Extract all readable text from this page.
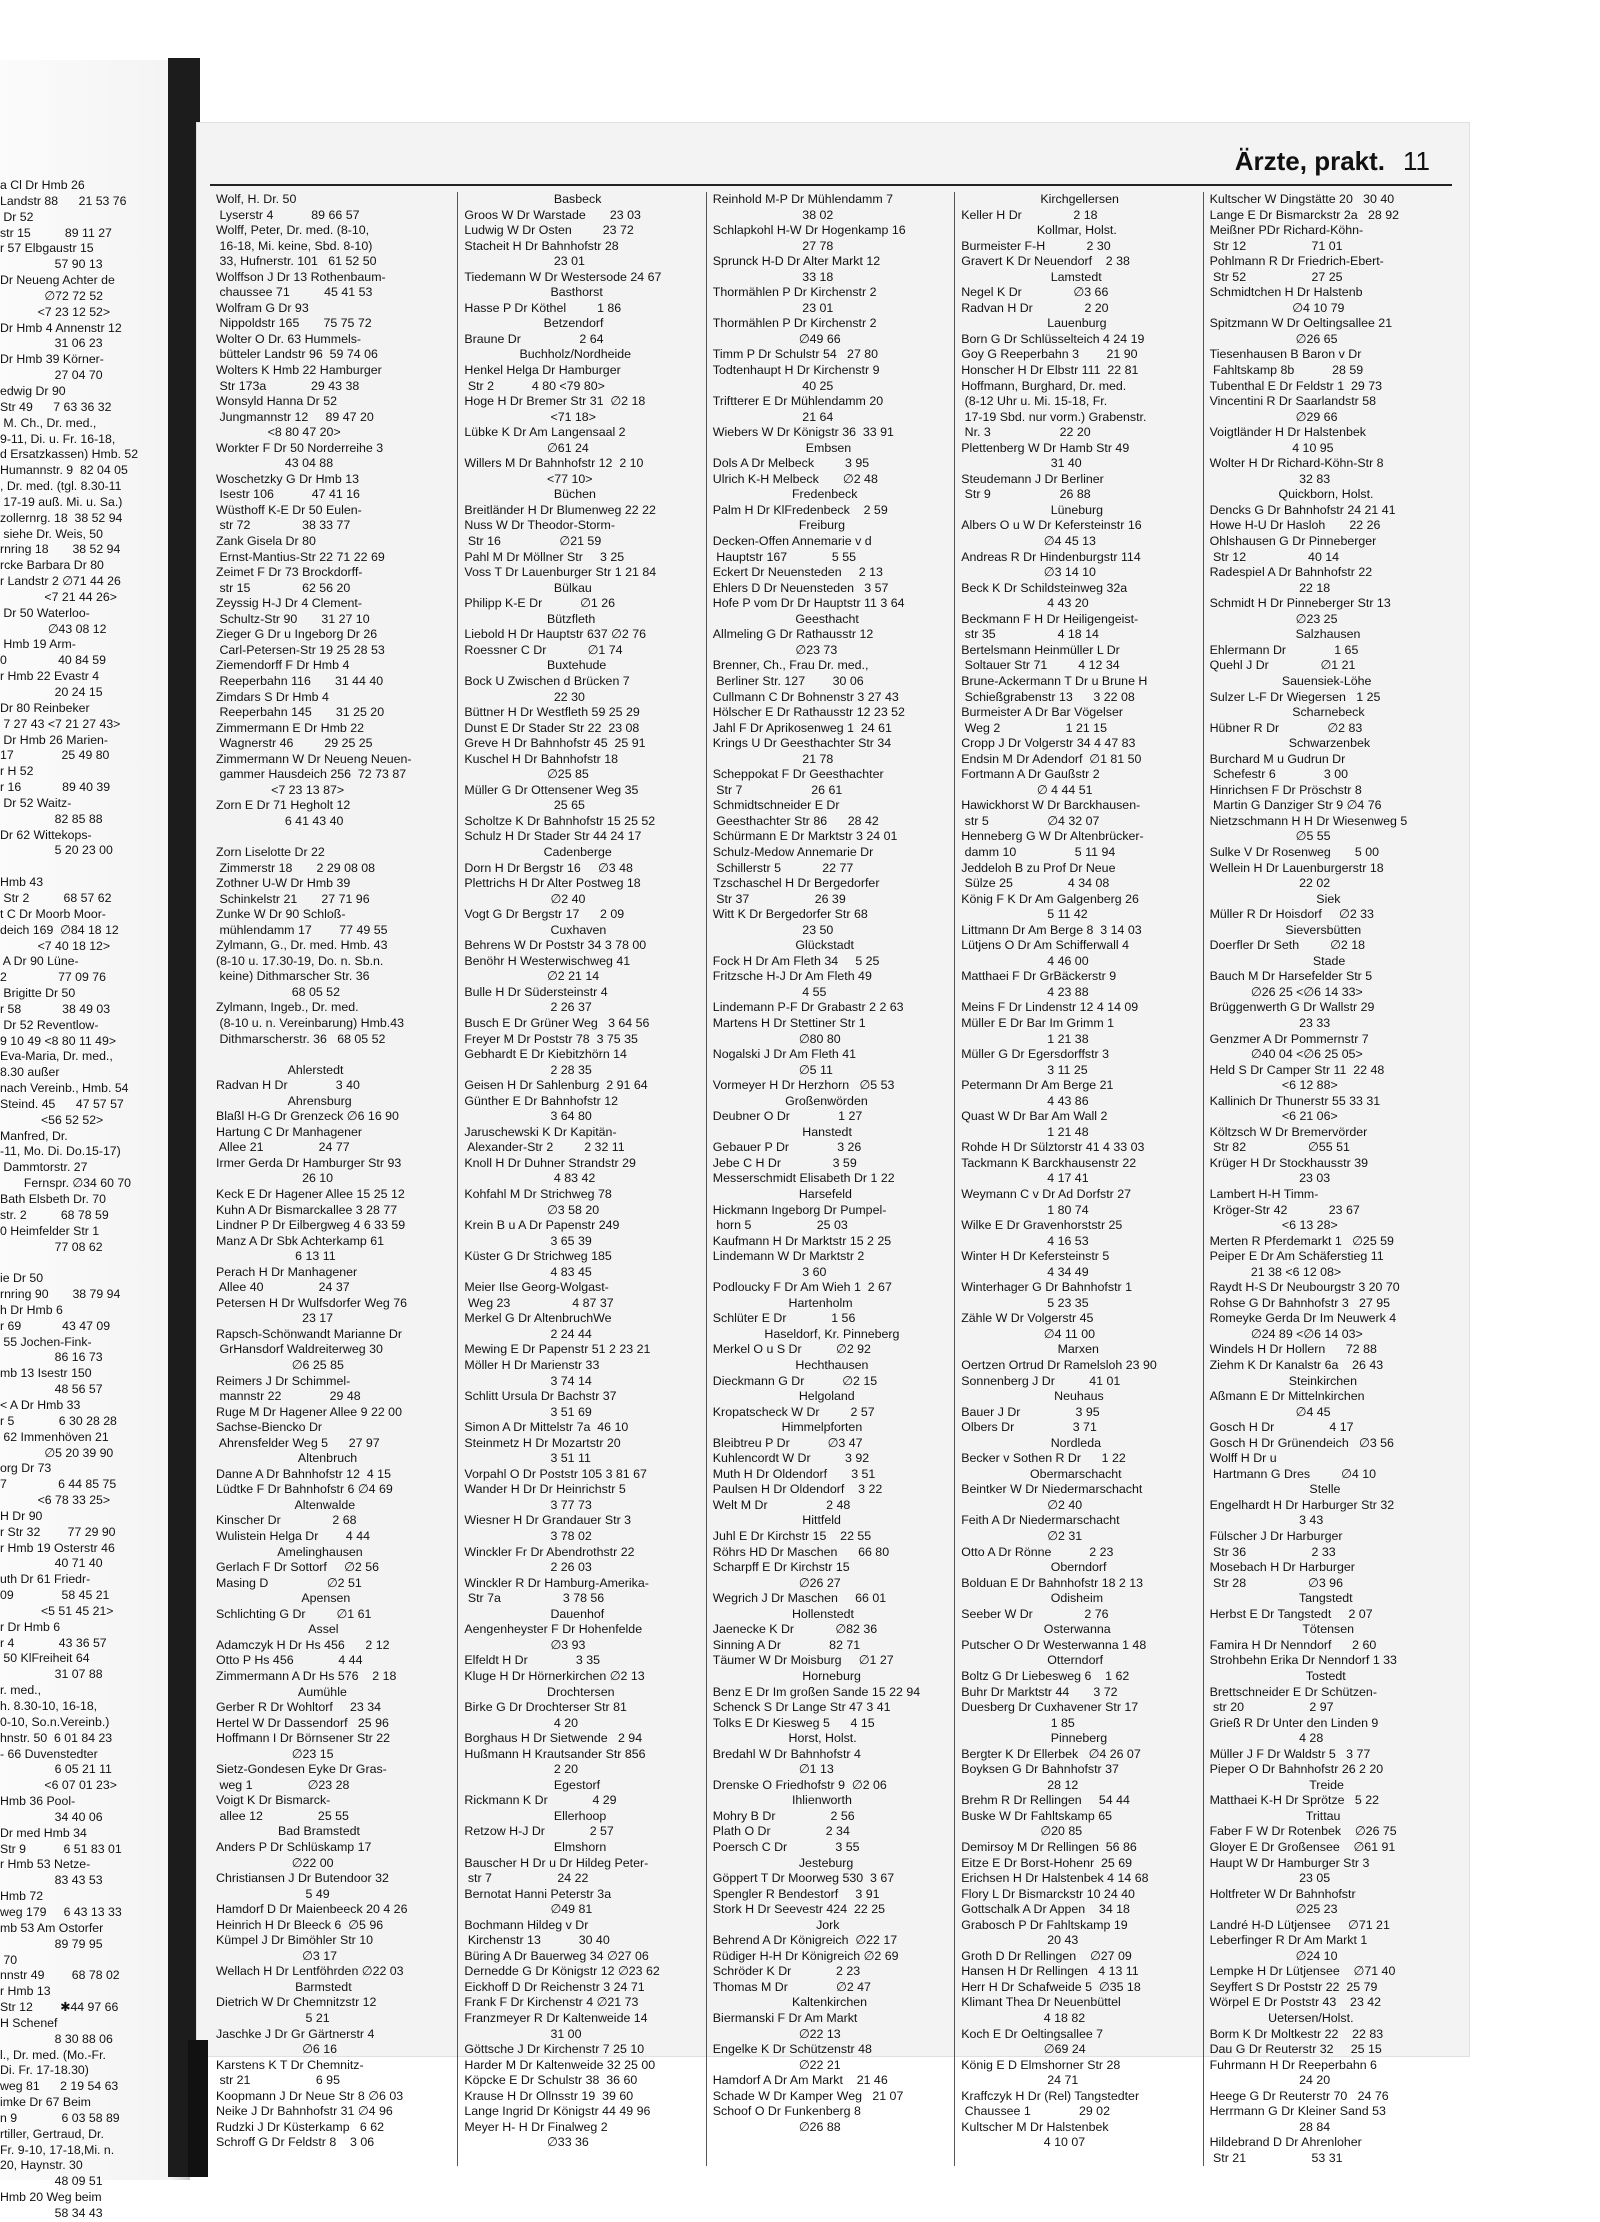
a Cl Dr Hmb 26
Landstr 88      21 53 76
Dr 52
str 15          89 11 27
r 57 Elbgaustr 15
57 90 13
Dr Neueng Achter de
∅72 72 52
<7 23 12 52>
Dr Hmb 4 Annenstr 12
31 06 23
Dr Hmb 39 Körner-
27 04 70
edwig Dr 90
Str 49      7 63 36 32
M. Ch., Dr. med.,
9-11, Di. u. Fr. 16-18,
d Ersatzkassen) Hmb. 52
Humannstr. 9  82 04 05
, Dr. med. (tgl. 8.30-11
17-19 auß. Mi. u. Sa.)
zollernrg. 18  38 52 94
siehe Dr. Weis, 50
rnring 18       38 52 94
rcke Barbara Dr 80
r Landstr 2 ∅71 44 26
<7 21 44 26>
Dr 50 Waterloo-
∅43 08 12
Hmb 19 Arm-
0               40 84 59
r Hmb 22 Evastr 4
20 24 15
Dr 80 Reinbeker
7 27 43 <7 21 27 43>
Dr Hmb 26 Marien-
17              25 49 80
r H 52
r 16            89 40 39
Dr 52 Waitz-
82 85 88
Dr 62 Wittekops-
5 20 23 00

Hmb 43
Str 2          68 57 62
t C Dr Moorb Moor-
deich 169  ∅84 18 12
<7 40 18 12>
A Dr 90 Lüne-
2               77 09 76
Brigitte Dr 50
r 58            38 49 03
Dr 52 Reventlow-
9 10 49 <8 80 11 49>
Eva-Maria, Dr. med.,
8.30 außer
nach Vereinb., Hmb. 54
Steind. 45      47 57 57
<56 52 52>
Manfred, Dr.
-11, Mo. Di. Do.15-17)
Dammtorstr. 27
Fernspr. ∅34 60 70
Bath Elsbeth Dr. 70
str. 2          68 78 59
0 Heimfelder Str 1
77 08 62

ie Dr 50
rnring 90       38 79 94
h Dr Hmb 6
r 69            43 47 09
55 Jochen-Fink-
86 16 73
mb 13 Isestr 150
48 56 57
< A Dr Hmb 33
r 5             6 30 28 28
62 Immenhöven 21
∅5 20 39 90
org Dr 73
7               6 44 85 75
<6 78 33 25>
H Dr 90
r Str 32        77 29 90
r Hmb 19 Osterstr 46
40 71 40
uth Dr 61 Friedr-
09              58 45 21
<5 51 45 21>
r Dr Hmb 6
r 4             43 36 57
50 KlFreiheit 64
31 07 88
r. med.,
h. 8.30-10, 16-18,
0-10, So.n.Vereinb.)
hnstr. 50  6 01 84 23
- 66 Duvenstedter
6 05 21 11
<6 07 01 23>
Hmb 36 Pool-
34 40 06
Dr med Hmb 34
Str 9           6 51 83 01
r Hmb 53 Netze-
83 43 53
Hmb 72
weg 179     6 43 13 33
mb 53 Am Ostorfer
89 79 95
70
nnstr 49        68 78 02
r Hmb 13
Str 12        ✱44 97 66
H Schenef
8 30 88 06
l., Dr. med. (Mo.-Fr.
Di. Fr. 17-18.30)
weg 81      2 19 54 63
imke Dr 67 Beim
n 9             6 03 58 89
rtiller, Gertraud, Dr.
Fr. 9-10, 17-18,Mi. n.
20, Haynstr. 30
48 09 51
Hmb 20 Weg beim
58 34 43
Ärzte, prakt. 11
Wolf, H. Dr. 50
Lyserstr 4           89 66 57
Wolff, Peter, Dr. med. (8-10,
16-18, Mi. keine, Sbd. 8-10)
33, Hufnerstr. 101   61 52 50
Wolffson J Dr 13 Rothenbaum-
chaussee 71          45 41 53
Wolfram G Dr 93
Nippoldstr 165       75 75 72
Wolter O Dr. 63 Hummels-
bütteler Landstr 96  59 74 06
Wolters K Hmb 22 Hamburger
Str 173a             29 43 38
Wonsyld Hanna Dr 52
Jungmannstr 12     89 47 20
<8 80 47 20>
Workter F Dr 50 Norderreihe 3
43 04 88
Woschetzky G Dr Hmb 13
Isestr 106           47 41 16
Wüsthoff K-E Dr 50 Eulen-
str 72               38 33 77
Zank Gisela Dr 80
Ernst-Mantius-Str 22 71 22 69
Zeimet F Dr 73 Brockdorff-
str 15               62 56 20
Zeyssig H-J Dr 4 Clement-
Schultz-Str 90       31 27 10
Zieger G Dr u Ingeborg Dr 26
Carl-Petersen-Str 19 25 28 53
Ziemendorff F Dr Hmb 4
Reeperbahn 116       31 44 40
Zimdars S Dr Hmb 4
Reeperbahn 145       31 25 20
Zimmermann E Dr Hmb 22
Wagnerstr 46         29 25 25
Zimmermann W Dr Neueng Neuen-
gammer Hausdeich 256  72 73 87
<7 23 13 87>
Zorn E Dr 71 Hegholt 12
6 41 43 40

Zorn Liselotte Dr 22
Zimmerstr 18       2 29 08 08
Zothner U-W Dr Hmb 39
Schinkelstr 21       27 71 96
Zunke W Dr 90 Schloß-
mühlendamm 17        77 49 55
Zylmann, G., Dr. med. Hmb. 43
(8-10 u. 17.30-19, Do. n. Sb.n.
keine) Dithmarscher Str. 36
68 05 52
Zylmann, Ingeb., Dr. med.
(8-10 u. n. Vereinbarung) Hmb.43
Dithmarscherstr. 36   68 05 52

Ahlerstedt
Radvan H Dr              3 40
Ahrensburg
Blaßl H-G Dr Grenzeck ∅6 16 90
Hartung C Dr Manhagener
Allee 21                24 77
Irmer Gerda Dr Hamburger Str 93
26 10
Keck E Dr Hagener Allee 15 25 12
Kuhn A Dr Bismarckallee 3 28 77
Lindner P Dr Eilbergweg 4 6 33 59
Manz A Dr Sbk Achterkamp 61
6 13 11
Perach H Dr Manhagener
Allee 40                24 37
Petersen H Dr Wulfsdorfer Weg 76
23 17
Rapsch-Schönwandt Marianne Dr
GrHansdorf Waldreiterweg 30
∅6 25 85
Reimers J Dr Schimmel-
mannstr 22              29 48
Ruge M Dr Hagener Allee 9 22 00
Sachse-Biencko Dr
Ahrensfelder Weg 5      27 97
Altenbruch
Danne A Dr Bahnhofstr 12  4 15
Lüdtke F Dr Bahnhofstr 6 ∅4 69
Altenwalde
Kinscher Dr               2 68
Wulistein Helga Dr        4 44
Amelinghausen
Gerlach F Dr Sottorf     ∅2 56
Masing D                 ∅2 51
Apensen
Schlichting G Dr         ∅1 61
Assel
Adamczyk H Dr Hs 456      2 12
Otto P Hs 456             4 44
Zimmermann A Dr Hs 576    2 18
Aumühle
Gerber R Dr Wohltorf     23 34
Hertel W Dr Dassendorf   25 96
Hoffmann I Dr Börnsener Str 22
∅23 15
Sietz-Gondesen Eyke Dr Gras-
weg 1                ∅23 28
Voigt K Dr Bismarck-
allee 12                25 55
Bad Bramstedt
Anders P Dr Schlüskamp 17
∅22 00
Christiansen J Dr Butendoor 32
5 49
Hamdorf D Dr Maienbeeck 20 4 26
Heinrich H Dr Bleeck 6  ∅5 96
Kümpel J Dr Bimöhler Str 10
∅3 17
Wellach H Dr Lentföhrden ∅22 03
Barmstedt
Dietrich W Dr Chemnitzstr 12
5 21
Jaschke J Dr Gr Gärtnerstr 4
∅6 16
Karstens K T Dr Chemnitz-
str 21                   6 95
Koopmann J Dr Neue Str 8 ∅6 03
Neike J Dr Bahnhofstr 31 ∅4 96
Rudzki J Dr Küsterkamp   6 62
Schroff G Dr Feldstr 8    3 06
Basbeck
Groos W Dr Warstade       23 03
Ludwig W Dr Osten         23 72
Stacheit H Dr Bahnhofstr 28
23 01
Tiedemann W Dr Westersode 24 67
Basthorst
Hasse P Dr Köthel         1 86
Betzendorf
Braune Dr                 2 64
Buchholz/Nordheide
Henkel Helga Dr Hamburger
Str 2           4 80 <79 80>
Hoge H Dr Bremer Str 31  ∅2 18
<71 18>
Lübke K Dr Am Langensaal 2
∅61 24
Willers M Dr Bahnhofstr 12  2 10
<77 10>
Büchen
Breitländer H Dr Blumenweg 22 22
Nuss W Dr Theodor-Storm-
Str 16                 ∅21 59
Pahl M Dr Möllner Str     3 25
Voss T Dr Lauenburger Str 1 21 84
Bülkau
Philipp K-E Dr           ∅1 26
Bützfleth
Liebold H Dr Hauptstr 637 ∅2 76
Roessner C Dr            ∅1 74
Buxtehude
Bock U Zwischen d Brücken 7
22 30
Büttner H Dr Westfleth 59 25 29
Dunst E Dr Stader Str 22  23 08
Greve H Dr Bahnhofstr 45  25 91
Kuschel H Dr Bahnhofstr 18
∅25 85
Müller G Dr Ottensener Weg 35
25 65
Scholtze K Dr Bahnhofstr 15 25 52
Schulz H Dr Stader Str 44 24 17
Cadenberge
Dorn H Dr Bergstr 16     ∅3 48
Plettrichs H Dr Alter Postweg 18
∅2 40
Vogt G Dr Bergstr 17      2 09
Cuxhaven
Behrens W Dr Poststr 34 3 78 00
Benöhr H Westerwischweg 41
∅2 21 14
Bulle H Dr Südersteinstr 4
2 26 37
Busch E Dr Grüner Weg   3 64 56
Freyer M Dr Poststr 78  3 75 35
Gebhardt E Dr Kiebitzhörn 14
2 28 35
Geisen H Dr Sahlenburg  2 91 64
Günther E Dr Bahnhofstr 12
3 64 80
Jaruschewski K Dr Kapitän-
Alexander-Str 2         2 32 11
Knoll H Dr Duhner Strandstr 29
4 83 42
Kohfahl M Dr Strichweg 78
∅3 58 20
Krein B u A Dr Papenstr 249
3 65 39
Küster G Dr Strichweg 185
4 83 45
Meier Ilse Georg-Wolgast-
Weg 23                  4 87 37
Merkel G Dr AltenbruchWe
2 24 44
Mewing E Dr Papenstr 51 2 23 21
Möller H Dr Marienstr 33
3 74 14
Schlitt Ursula Dr Bachstr 37
3 51 69
Simon A Dr Mittelstr 7a  46 10
Steinmetz H Dr Mozartstr 20
3 51 11
Vorpahl O Dr Poststr 105 3 81 67
Wander H Dr Dr Heinrichstr 5
3 77 73
Wiesner H Dr Grandauer Str 3
3 78 02
Winckler Fr Dr Abendrothstr 22
2 26 03
Winckler R Dr Hamburg-Amerika-
Str 7a                  3 78 56
Dauenhof
Aengenheyster F Dr Hohenfelde
∅3 93
Elfeldt H Dr              3 35
Kluge H Dr Hörnerkirchen ∅2 13
Drochtersen
Birke G Dr Drochterser Str 81
4 20
Borghaus H Dr Sietwende   2 94
Hußmann H Krautsander Str 856
2 20
Egestorf
Rickmann K Dr             4 29
Ellerhoop
Retzow H-J Dr             2 57
Elmshorn
Bauscher H Dr u Dr Hildeg Peter-
str 7                   24 22
Bernotat Hanni Peterstr 3a
∅49 81
Bochmann Hildeg v Dr
Kirchenstr 13           30 40
Büring A Dr Bauerweg 34 ∅27 06
Dernedde G Dr Königstr 12 ∅23 62
Eickhoff D Dr Reichenstr 3 24 71
Frank F Dr Kirchenstr 4 ∅21 73
Franzmeyer R Dr Kaltenweide 14
31 00
Göttsche J Dr Kirchenstr 7 25 10
Harder M Dr Kaltenweide 32 25 00
Köpcke E Dr Schulstr 38  36 60
Krause H Dr Ollnsstr 19  39 60
Lange Ingrid Dr Königstr 44 49 96
Meyer H- H Dr Finalweg 2
∅33 36
Reinhold M-P Dr Mühlendamm 7
38 02
Schlapkohl H-W Dr Hogenkamp 16
27 78
Sprunck H-D Dr Alter Markt 12
33 18
Thormählen P Dr Kirchenstr 2
23 01
Thormählen P Dr Kirchenstr 2
∅49 66
Timm P Dr Schulstr 54   27 80
Todtenhaupt H Dr Kirchenstr 9
40 25
Triftterer E Dr Mühlendamm 20
21 64
Wiebers W Dr Königstr 36  33 91
Embsen
Dols A Dr Melbeck         3 95
Ulrich K-H Melbeck       ∅2 48
Fredenbeck
Palm H Dr KlFredenbeck    2 59
Freiburg
Decken-Offen Annemarie v d
Hauptstr 167             5 55
Eckert Dr Neuensteden     2 13
Ehlers D Dr Neuensteden   3 57
Hofe P vom Dr Dr Hauptstr 11 3 64
Geesthacht
Allmeling G Dr Rathausstr 12
∅23 73
Brenner, Ch., Frau Dr. med.,
Berliner Str. 127        30 06
Cullmann C Dr Bohnenstr 3 27 43
Hölscher E Dr Rathausstr 12 23 52
Jahl F Dr Aprikosenweg 1  24 61
Krings U Dr Geesthachter Str 34
21 78
Scheppokat F Dr Geesthachter
Str 7                    26 61
Schmidtschneider E Dr
Geesthachter Str 86      28 42
Schürmann E Dr Marktstr 3 24 01
Schulz-Medow Annemarie Dr
Schillerstr 5            22 77
Tzschaschel H Dr Bergedorfer
Str 37                   26 39
Witt K Dr Bergedorfer Str 68
23 50
Glückstadt
Fock H Dr Am Fleth 34     5 25
Fritzsche H-J Dr Am Fleth 49
4 55
Lindemann P-F Dr Grabastr 2 2 63
Martens H Dr Stettiner Str 1
∅80 80
Nogalski J Dr Am Fleth 41
∅5 11
Vormeyer H Dr Herzhorn   ∅5 53
Großenwörden
Deubner O Dr              1 27
Hanstedt
Gebauer P Dr              3 26
Jebe C H Dr               3 59
Messerschmidt Elisabeth Dr 1 22
Harsefeld
Hickmann Ingeborg Dr Pumpel-
horn 5                   25 03
Kaufmann H Dr Marktstr 15 2 25
Lindemann W Dr Marktstr 2
3 60
Podloucky F Dr Am Wieh 1  2 67
Hartenholm
Schlüter E Dr             1 56
Haseldorf, Kr. Pinneberg
Merkel O u S Dr          ∅2 92
Hechthausen
Dieckmann G Dr           ∅2 15
Helgoland
Kropatscheck W Dr         2 57
Himmelpforten
Bleibtreu P Dr           ∅3 47
Kuhlencordt W Dr          3 92
Muth H Dr Oldendorf       3 51
Paulsen H Dr Oldendorf    3 22
Welt M Dr                 2 48
Hittfeld
Juhl E Dr Kirchstr 15    22 55
Röhrs HD Dr Maschen      66 80
Scharpff E Dr Kirchstr 15
∅26 27
Wegrich J Dr Maschen     66 01
Hollenstedt
Jaenecke K Dr            ∅82 36
Sinning A Dr              82 71
Täumer W Dr Moisburg     ∅1 27
Horneburg
Benz E Dr Im großen Sande 15 22 94
Schenck S Dr Lange Str 47 3 41
Tolks E Dr Kiesweg 5      4 15
Horst, Holst.
Bredahl W Dr Bahnhofstr 4
∅1 13
Drenske O Friedhofstr 9  ∅2 06
Ihlienworth
Mohry B Dr                2 56
Plath O Dr                2 34
Poersch C Dr              3 55
Jesteburg
Göppert T Dr Moorweg 530  3 67
Spengler R Bendestorf     3 91
Stork H Dr Seevestr 424  22 25
Jork
Behrend A Dr Königreich  ∅22 17
Rüdiger H-H Dr Königreich ∅2 69
Schröder K Dr             2 23
Thomas M Dr              ∅2 47
Kaltenkirchen
Biermanski F Dr Am Markt
∅22 13
Engelke K Dr Schützenstr 48
∅22 21
Hamdorf A Dr Am Markt    21 46
Schade W Dr Kamper Weg   21 07
Schoof O Dr Funkenberg 8
∅26 88
Kirchgellersen
Keller H Dr               2 18
Kollmar, Holst.
Burmeister F-H            2 30
Gravert K Dr Neuendorf    2 38
Lamstedt
Negel K Dr               ∅3 66
Radvan H Dr               2 20
Lauenburg
Born G Dr Schlüsselteich 4 24 19
Goy G Reeperbahn 3        21 90
Honscher H Dr Elbstr 111  22 81
Hoffmann, Burghard, Dr. med.
(8-12 Uhr u. Mi. 15-18, Fr.
17-19 Sbd. nur vorm.) Grabenstr.
Nr. 3                    22 20
Plettenberg W Dr Hamb Str 49
31 40
Steudemann J Dr Berliner
Str 9                    26 88
Lüneburg
Albers O u W Dr Kefersteinstr 16
∅4 45 13
Andreas R Dr Hindenburgstr 114
∅3 14 10
Beck K Dr Schildsteinweg 32a
4 43 20
Beckmann F H Dr Heiligengeist-
str 35                  4 18 14
Bertelsmann Heinmüller L Dr
Soltauer Str 71         4 12 34
Brune-Ackermann T Dr u Brune H
Schießgrabenstr 13      3 22 08
Burmeister A Dr Bar Vögelser
Weg 2                   1 21 15
Cropp J Dr Volgerstr 34 4 47 83
Endsin M Dr Adendorf  ∅1 81 50
Fortmann A Dr Gaußstr 2
∅ 4 44 51
Hawickhorst W Dr Barckhausen-
str 5                 ∅4 32 07
Henneberg G W Dr Altenbrücker-
damm 10                 5 11 94
Jeddeloh B zu Prof Dr Neue
Sülze 25                4 34 08
König F K Dr Am Galgenberg 26
5 11 42
Littmann Dr Am Berge 8  3 14 03
Lütjens O Dr Am Schifferwall 4
4 46 00
Matthaei F Dr GrBäckerstr 9
4 23 88
Meins F Dr Lindenstr 12 4 14 09
Müller E Dr Bar Im Grimm 1
1 21 38
Müller G Dr Egersdorffstr 3
3 11 25
Petermann Dr Am Berge 21
4 43 86
Quast W Dr Bar Am Wall 2
1 21 48
Rohde H Dr Sülztorstr 41 4 33 03
Tackmann K Barckhausenstr 22
4 17 41
Weymann C v Dr Ad Dorfstr 27
1 80 74
Wilke E Dr Gravenhorststr 25
4 16 53
Winter H Dr Kefersteinstr 5
4 34 49
Winterhager G Dr Bahnhofstr 1
5 23 35
Zähle W Dr Volgerstr 45
∅4 11 00
Marxen
Oertzen Ortrud Dr Ramelsloh 23 90
Sonnenberg J Dr          41 01
Neuhaus
Bauer J Dr                3 95
Olbers Dr                 3 71
Nordleda
Becker v Sothen R Dr      1 22
Obermarschacht
Beintker W Dr Niedermarschacht
∅2 40
Feith A Dr Niedermarschacht
∅2 31
Otto A Dr Rönne           2 23
Oberndorf
Bolduan E Dr Bahnhofstr 18 2 13
Odisheim
Seeber W Dr               2 76
Osterwanna
Putscher O Dr Westerwanna 1 48
Otterndorf
Boltz G Dr Liebesweg 6    1 62
Buhr Dr Marktstr 44       3 72
Duesberg Dr Cuxhavener Str 17
1 85
Pinneberg
Bergter K Dr Ellerbek   ∅4 26 07
Boyksen G Dr Bahnhofstr 37
28 12
Brehm R Dr Rellingen     54 44
Buske W Dr Fahltskamp 65
∅20 85
Demirsoy M Dr Rellingen  56 86
Eitze E Dr Borst-Hohenr  25 69
Erichsen H Dr Halstenbek 4 14 68
Flory L Dr Bismarckstr 10 24 40
Gottschalk A Dr Appen    34 18
Grabosch P Dr Fahltskamp 19
20 43
Groth D Dr Rellingen    ∅27 09
Hansen H Dr Rellingen   4 13 11
Herr H Dr Schafweide 5  ∅35 18
Klimant Thea Dr Neuenbüttel
4 18 82
Koch E Dr Oeltingsallee 7
∅69 24
König E D Elmshorner Str 28
24 71
Kraffczyk H Dr (Rel) Tangstedter
Chaussee 1              29 02
Kultscher M Dr Halstenbek
4 10 07
Kultscher W Dingstätte 20   30 40
Lange E Dr Bismarckstr 2a   28 92
Meißner PDr Richard-Köhn-
Str 12                   71 01
Pohlmann R Dr Friedrich-Ebert-
Str 52                   27 25
Schmidtchen H Dr Halstenb
∅4 10 79
Spitzmann W Dr Oeltingsallee 21
∅26 65
Tiesenhausen B Baron v Dr
Fahltskamp 8b           28 59
Tubenthal E Dr Feldstr 1  29 73
Vincentini R Dr Saarlandstr 58
∅29 66
Voigtländer H Dr Halstenbek
4 10 95
Wolter H Dr Richard-Köhn-Str 8
32 83
Quickborn, Holst.
Dencks G Dr Bahnhofstr 24 21 41
Howe H-U Dr Hasloh       22 26
Ohlshausen G Dr Pinneberger
Str 12                  40 14
Radespiel A Dr Bahnhofstr 22
22 18
Schmidt H Dr Pinneberger Str 13
∅23 25
Salzhausen
Ehlermann Dr              1 65
Quehl J Dr               ∅1 21
Sauensiek-Löhe
Sulzer L-F Dr Wiegersen   1 25
Scharnebeck
Hübner R Dr              ∅2 83
Schwarzenbek
Burchard M u Gudrun Dr
Schefestr 6              3 00
Hinrichsen F Dr Pröschstr 8
Martin G Danziger Str 9 ∅4 76
Nietzschmann H H Dr Wiesenweg 5
∅5 55
Sulke V Dr Rosenweg       5 00
Wellein H Dr Lauenburgerstr 18
22 02
Siek
Müller R Dr Hoisdorf     ∅2 33
Sieversbütten
Doerfler Dr Seth         ∅2 18
Stade
Bauch M Dr Harsefelder Str 5
∅26 25 <∅6 14 33>
Brüggenwerth G Dr Wallstr 29
23 33
Genzmer A Dr Pommernstr 7
∅40 04 <∅6 25 05>
Held S Dr Camper Str 11  22 48
<6 12 88>
Kallinich Dr Thunerstr 55 33 31
<6 21 06>
Költzsch W Dr Bremervörder
Str 82                  ∅55 51
Krüger H Dr Stockhausstr 39
23 03
Lambert H-H Timm-
Kröger-Str 42            23 67
<6 13 28>
Merten R Pferdemarkt 1   ∅25 59
Peiper E Dr Am Schäferstieg 11
21 38 <6 12 08>
Raydt H-S Dr Neubourgstr 3 20 70
Rohse G Dr Bahnhofstr 3   27 95
Romeyke Gerda Dr Im Neuwerk 4
∅24 89 <∅6 14 03>
Windels H Dr Hollern      72 88
Ziehm K Dr Kanalstr 6a    26 43
Steinkirchen
Aßmann E Dr Mittelnkirchen
∅4 45
Gosch H Dr                4 17
Gosch H Dr Grünendeich   ∅3 56
Wolff H Dr u
Hartmann G Dres         ∅4 10
Stelle
Engelhardt H Dr Harburger Str 32
3 43
Fülscher J Dr Harburger
Str 36                   2 33
Mosebach H Dr Harburger
Str 28                  ∅3 96
Tangstedt
Herbst E Dr Tangstedt     2 07
Tötensen
Famira H Dr Nenndorf      2 60
Strohbehn Erika Dr Nenndorf 1 33
Tostedt
Brettschneider E Dr Schützen-
str 20                   2 97
Grieß R Dr Unter den Linden 9
4 28
Müller J F Dr Waldstr 5   3 77
Pieper O Dr Bahnhofstr 26 2 20
Treide
Matthaei K-H Dr Sprötze   5 22
Trittau
Faber F W Dr Rotenbek    ∅26 75
Gloyer E Dr Großensee    ∅61 91
Haupt W Dr Hamburger Str 3
23 05
Holtfreter W Dr Bahnhofstr
∅25 23
Landré H-D Lütjensee     ∅71 21
Leberfinger R Dr Am Markt 1
∅24 10
Lempke H Dr Lütjensee    ∅71 40
Seyffert S Dr Poststr 22  25 79
Wörpel E Dr Poststr 43    23 42
Uetersen/Holst.
Borm K Dr Moltkestr 22    22 83
Dau G Dr Reuterstr 32     25 15
Fuhrmann H Dr Reeperbahn 6
24 20
Heege G Dr Reuterstr 70   24 76
Herrmann G Dr Kleiner Sand 53
28 84
Hildebrand D Dr Ahrenloher
Str 21                   53 31
